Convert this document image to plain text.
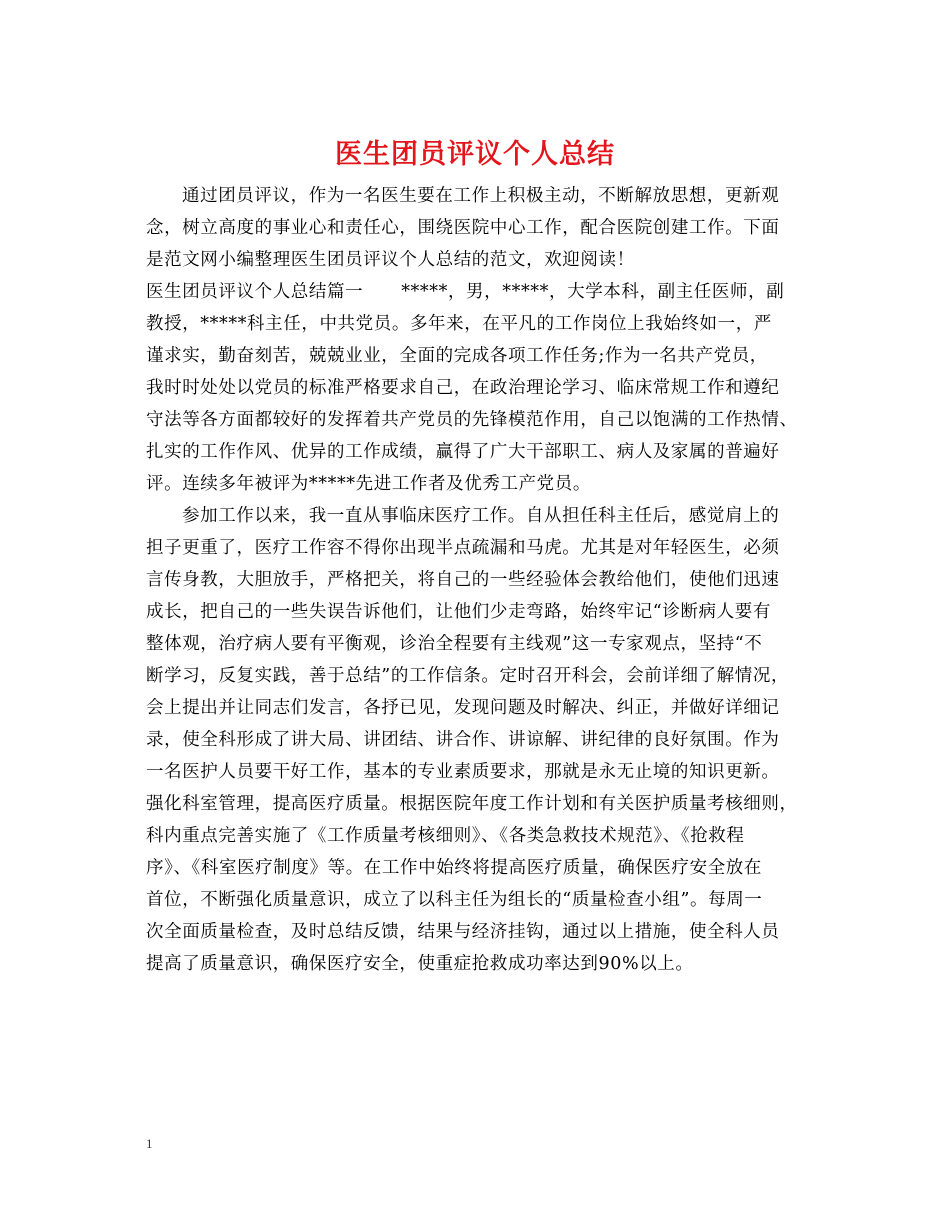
医生团员评议个人总结
通过团员评议，作为一名医生要在工作上积极主动，不断解放思想，更新观
念，树立高度的事业心和责任心，围绕医院中心工作，配合医院创建工作。下面
是范文网小编整理医生团员评议个人总结的范文，欢迎阅读！
医生团员评议个人总结篇一 *****，男，*****，大学本科，副主任医师，副
教授，*****科主任，中共党员。多年来，在平凡的工作岗位上我始终如一，严
谨求实，勤奋刻苦，兢兢业业，全面的完成各项工作任务;作为一名共产党员，
我时时处处以党员的标准严格要求自己，在政治理论学习、临床常规工作和遵纪
守法等各方面都较好的发挥着共产党员的先锋模范作用，自己以饱满的工作热情、
扎实的工作作风、优异的工作成绩，赢得了广大干部职工、病人及家属的普遍好
评。连续多年被评为*****先进工作者及优秀工产党员。
参加工作以来，我一直从事临床医疗工作。自从担任科主任后，感觉肩上的
担子更重了，医疗工作容不得你出现半点疏漏和马虎。尤其是对年轻医生，必须
言传身教，大胆放手，严格把关，将自己的一些经验体会教给他们，使他们迅速
成长，把自己的一些失误告诉他们，让他们少走弯路，始终牢记“诊断病人要有
整体观，治疗病人要有平衡观，诊治全程要有主线观”这一专家观点，坚持“不
断学习，反复实践，善于总结”的工作信条。定时召开科会，会前详细了解情况，
会上提出并让同志们发言，各抒已见，发现问题及时解决、纠正，并做好详细记
录，使全科形成了讲大局、讲团结、讲合作、讲谅解、讲纪律的良好氛围。作为
一名医护人员要干好工作，基本的专业素质要求，那就是永无止境的知识更新。
强化科室管理，提高医疗质量。根据医院年度工作计划和有关医护质量考核细则，
科内重点完善实施了《工作质量考核细则》、《各类急救技术规范》、《抢救程
序》、《科室医疗制度》等。在工作中始终将提高医疗质量，确保医疗安全放在
首位，不断强化质量意识，成立了以科主任为组长的“质量检查小组”。每周一
次全面质量检查，及时总结反馈，结果与经济挂钩，通过以上措施，使全科人员
提高了质量意识，确保医疗安全，使重症抢救成功率达到90%以上。
1
